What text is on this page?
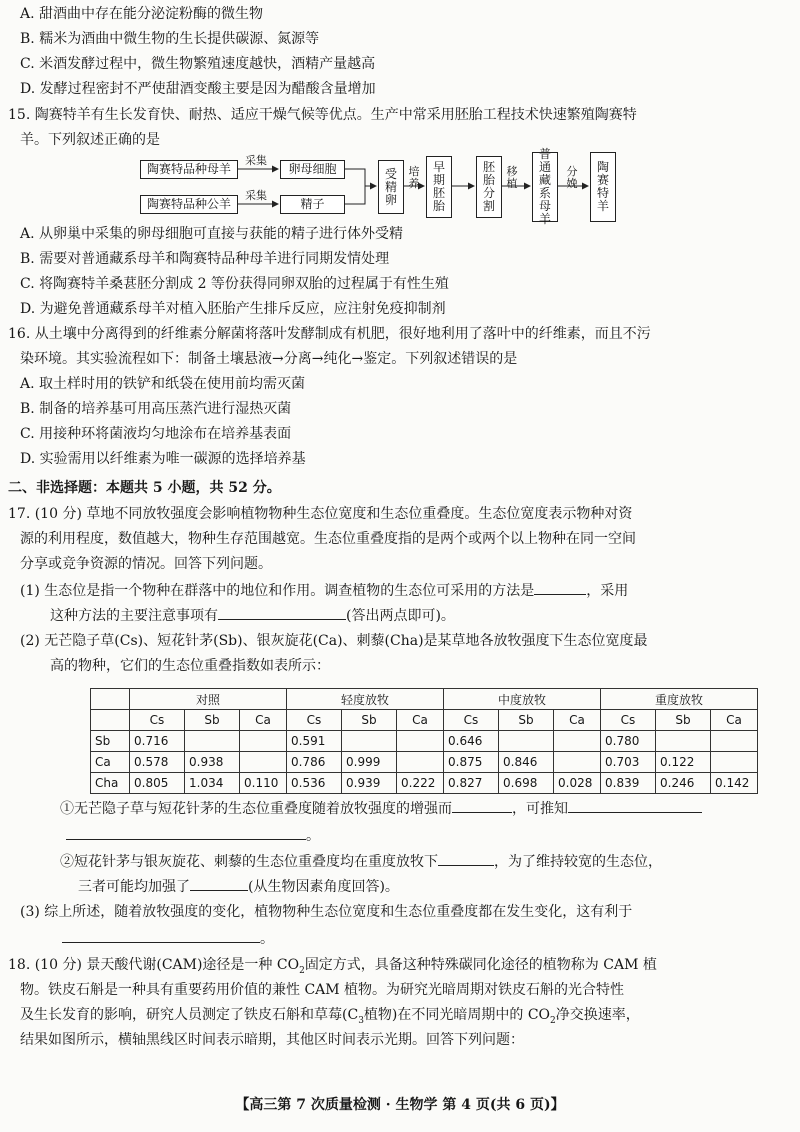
A. 甜酒曲中存在能分泌淀粉酶的微生物
B. 糯米为酒曲中微生物的生长提供碳源、氮源等
C. 米酒发酵过程中，微生物繁殖速度越快，酒精产量越高
D. 发酵过程密封不严使甜酒变酸主要是因为醋酸含量增加
15. 陶赛特羊有生长发育快、耐热、适应干燥气候等优点。生产中常采用胚胎工程技术快速繁殖陶赛特
羊。下列叙述正确的是
陶赛特品种母羊
陶赛特品种公羊
采集
采集
卵母细胞
精子
受精卵
培养
早期胚胎
胚胎分割
移植
普通藏系母羊
分娩
陶赛特羊
A. 从卵巢中采集的卵母细胞可直接与获能的精子进行体外受精
B. 需要对普通藏系母羊和陶赛特品种母羊进行同期发情处理
C. 将陶赛特羊桑葚胚分割成 2 等份获得同卵双胎的过程属于有性生殖
D. 为避免普通藏系母羊对植入胚胎产生排斥反应，应注射免疫抑制剂
16. 从土壤中分离得到的纤维素分解菌将落叶发酵制成有机肥，很好地利用了落叶中的纤维素，而且不污
染环境。其实验流程如下：制备土壤悬液→分离→纯化→鉴定。下列叙述错误的是
A. 取土样时用的铁铲和纸袋在使用前均需灭菌
B. 制备的培养基可用高压蒸汽进行湿热灭菌
C. 用接种环将菌液均匀地涂布在培养基表面
D. 实验需用以纤维素为唯一碳源的选择培养基
二、非选择题：本题共 5 小题，共 52 分。
17. (10 分) 草地不同放牧强度会影响植物物种生态位宽度和生态位重叠度。生态位宽度表示物种对资
源的利用程度，数值越大，物种生存范围越宽。生态位重叠度指的是两个或两个以上物种在同一空间
分享或竞争资源的情况。回答下列问题。
(1) 生态位是指一个物种在群落中的地位和作用。调查植物的生态位可采用的方法是	，采用
这种方法的主要注意事项有	(答出两点即可)。
(2) 无芒隐子草(Cs)、短花针茅(Sb)、银灰旋花(Ca)、刺藜(Cha)是某草地各放牧强度下生态位宽度最
高的物种，它们的生态位重叠指数如表所示：
	对照			轻度放牧			中度放牧			重度放牧		
	Cs	Sb	Ca	Cs	Sb	Ca	Cs	Sb	Ca	Cs	Sb	Ca
Sb	0.716			0.591			0.646			0.780		
Ca	0.578	0.938		0.786	0.999		0.875	0.846		0.703	0.122	
Cha	0.805	1.034	0.110	0.536	0.939	0.222	0.827	0.698	0.028	0.839	0.246	0.142
①无芒隐子草与短花针茅的生态位重叠度随着放牧强度的增强而	，可推知
。
②短花针茅与银灰旋花、刺藜的生态位重叠度均在重度放牧下	，为了维持较宽的生态位，
三者可能均加强了	(从生物因素角度回答)。
(3) 综上所述，随着放牧强度的变化，植物物种生态位宽度和生态位重叠度都在发生变化，这有利于
。
18. (10 分) 景天酸代谢(CAM)途径是一种 $CO_2$固定方式，具备这种特殊碳同化途径的植物称为 CAM 植
物。铁皮石斛是一种具有重要药用价值的兼性 CAM 植物。为研究光暗周期对铁皮石斛的光合特性
及生长发育的影响，研究人员测定了铁皮石斛和草莓($C_3$植物)在不同光暗周期中的 $CO_2$净交换速率，
结果如图所示，横轴黑线区时间表示暗期，其他区时间表示光期。回答下列问题：
【高三第 7 次质量检测 · 生物学 第 4 页(共 6 页)】
